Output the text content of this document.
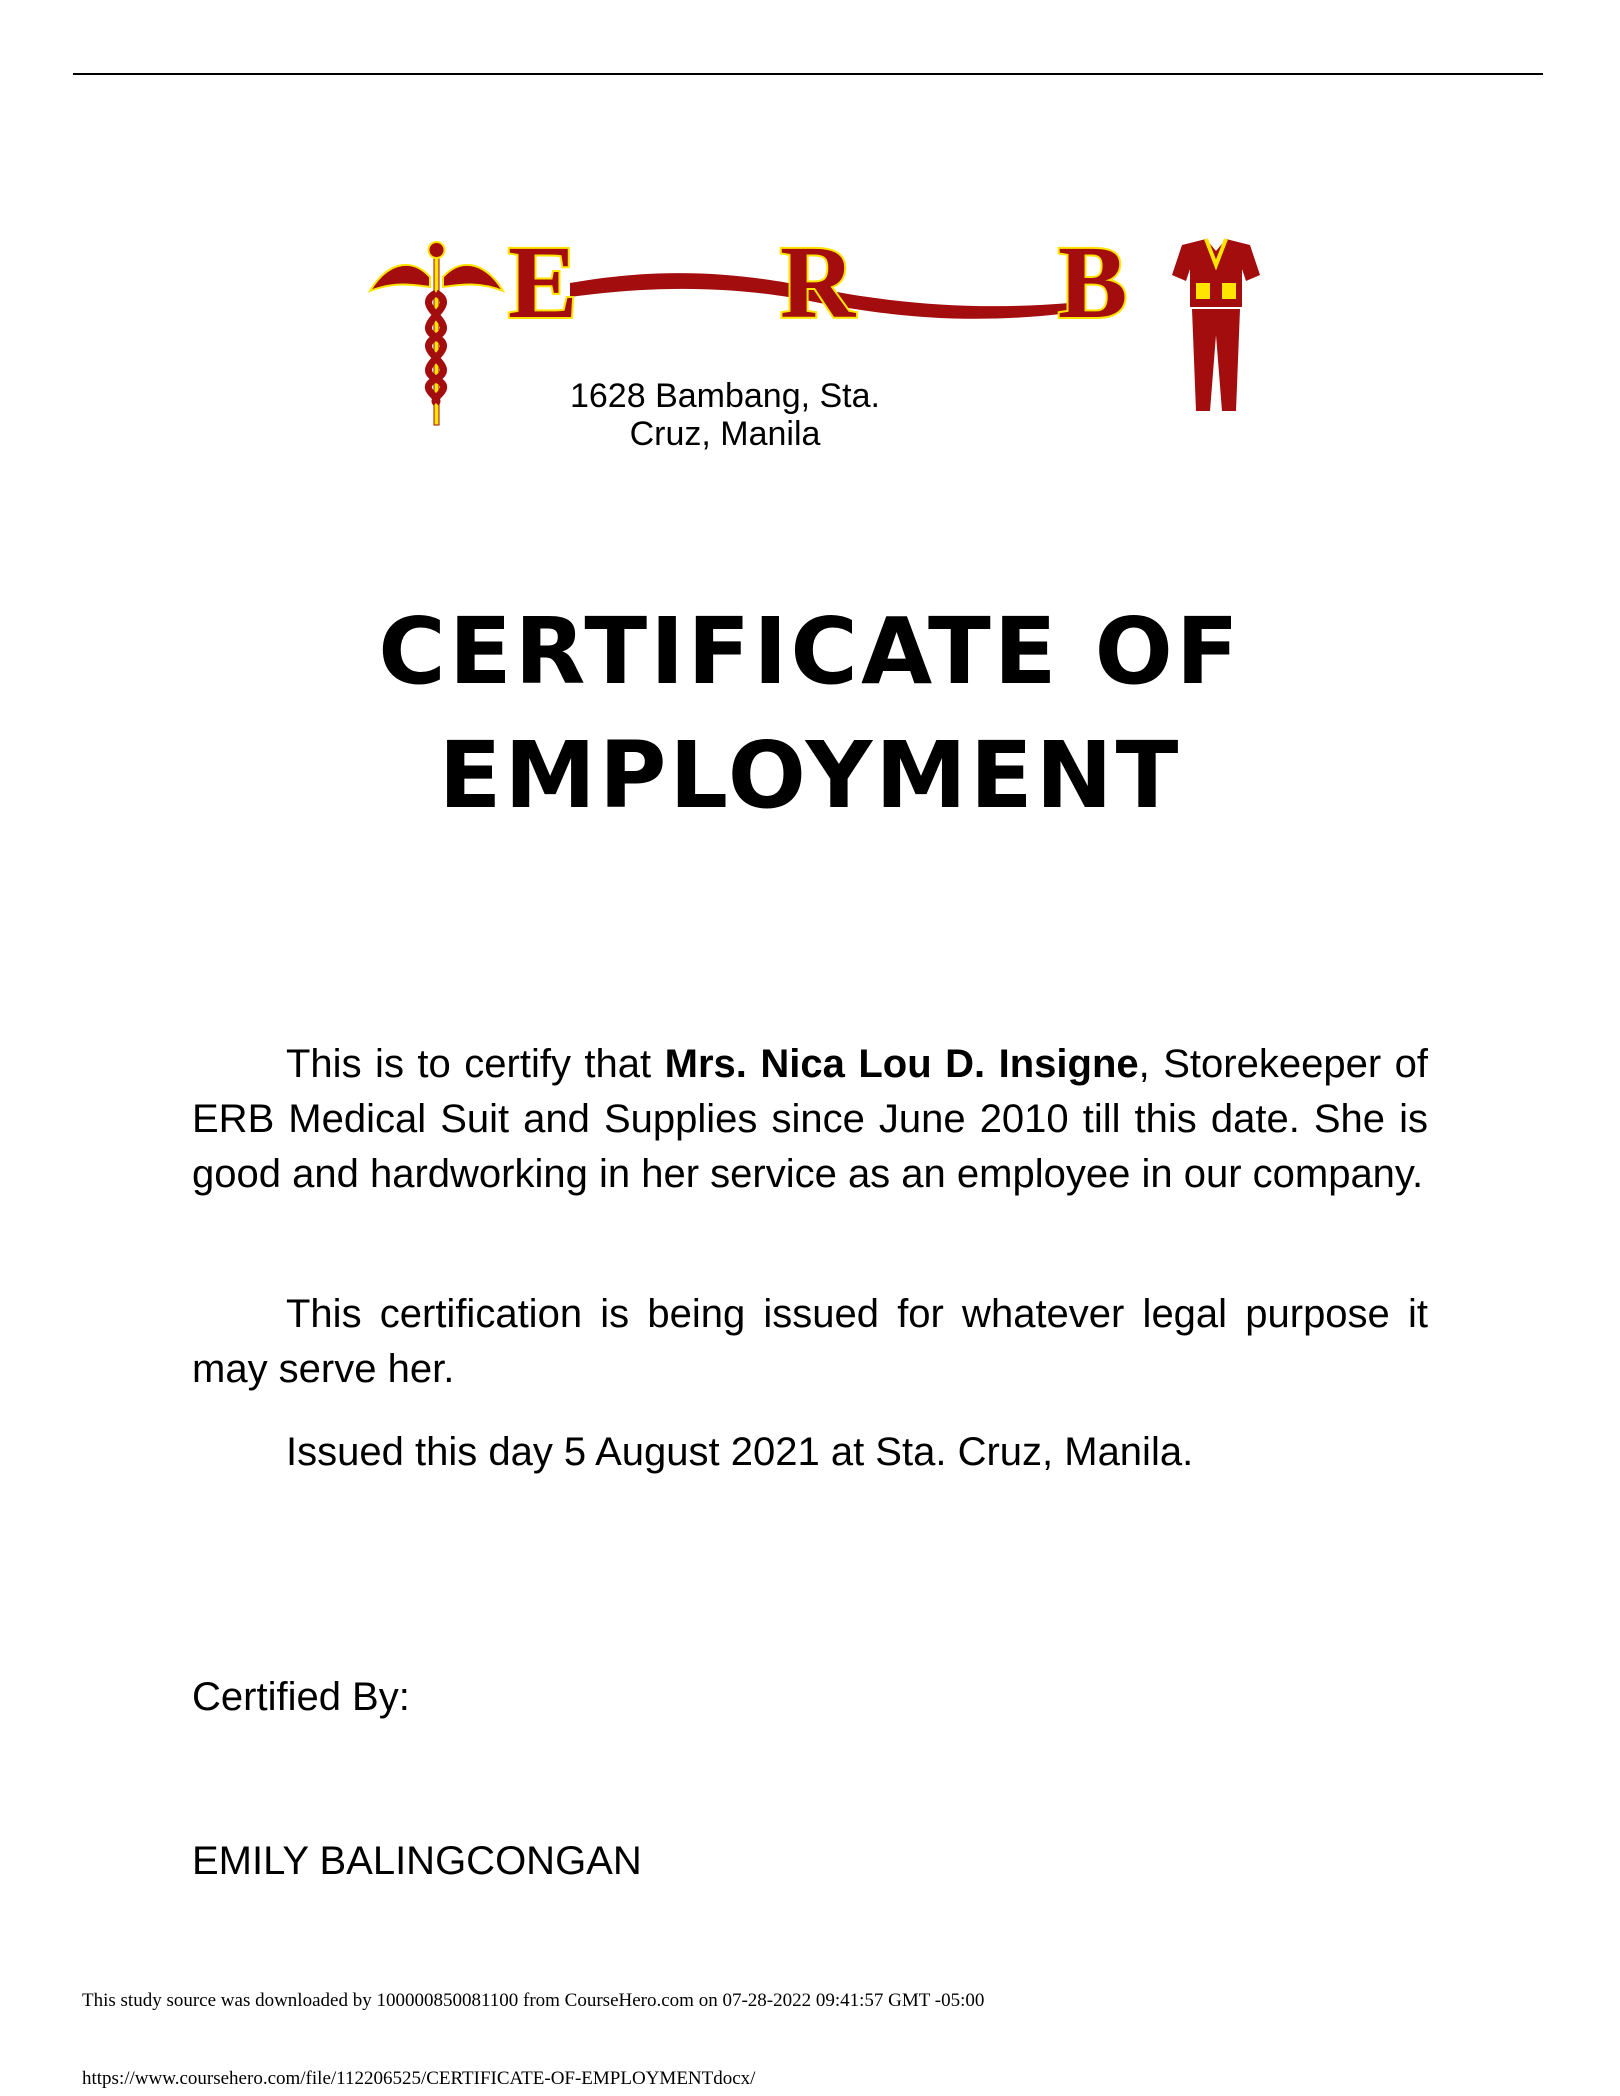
E R B
1628 Bambang, Sta. Cruz, Manila
CERTIFICATE OF
EMPLOYMENT
This is to certify that Mrs. Nica Lou D. Insigne, Storekeeper of ERB Medical Suit and Supplies since June 2010 till this date. She is good and hardworking in her service as an employee in our company.
This certification is being issued for whatever legal purpose it may serve her.
Issued this day 5 August 2021 at Sta. Cruz, Manila.
Certified By:
EMILY BALINGCONGAN
This study source was downloaded by 100000850081100 from CourseHero.com on 07-28-2022 09:41:57 GMT -05:00
https://www.coursehero.com/file/112206525/CERTIFICATE-OF-EMPLOYMENTdocx/
